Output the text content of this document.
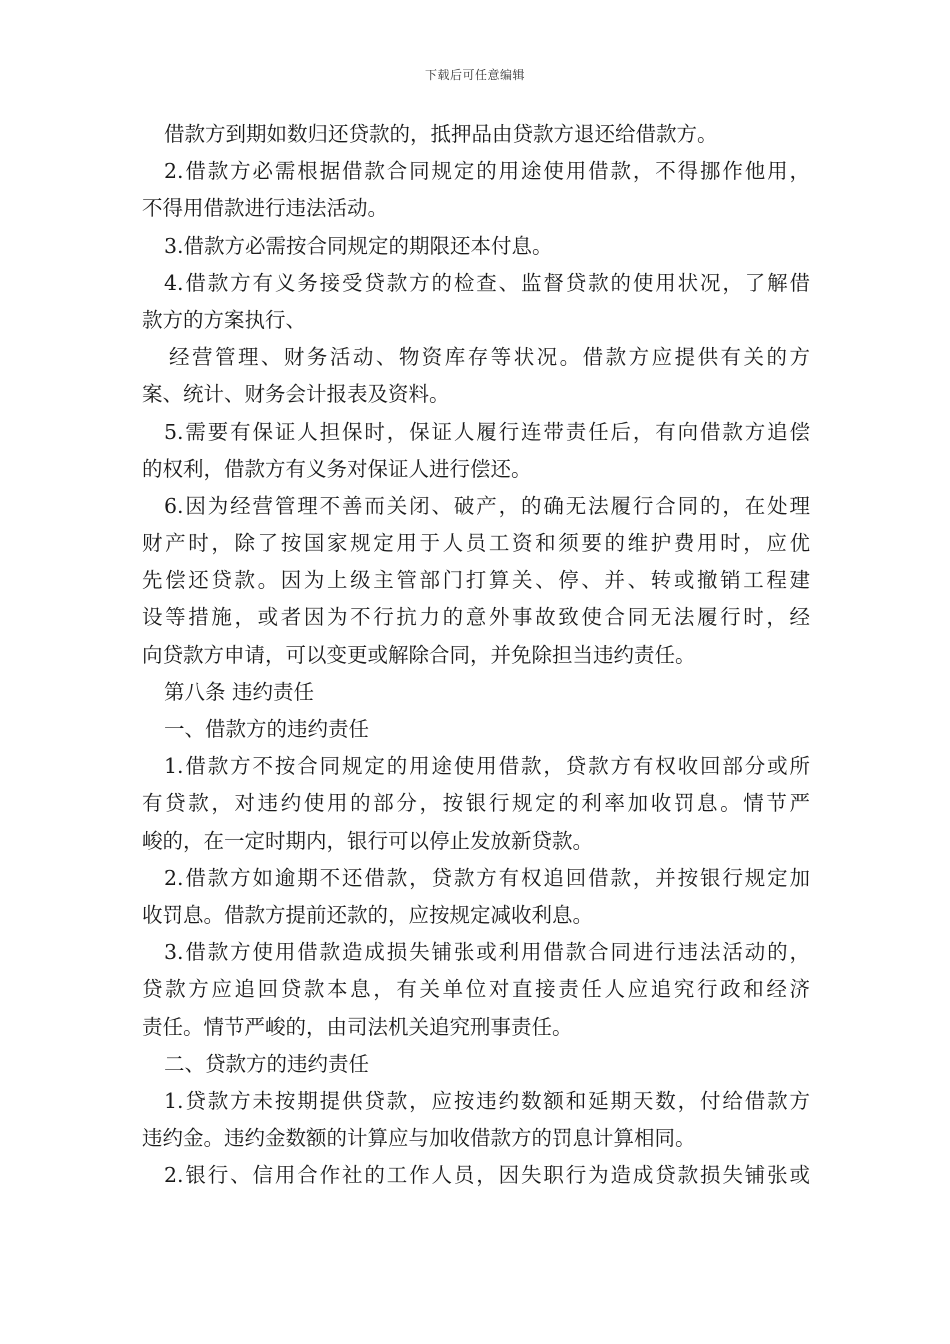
下载后可任意编辑
借款方到期如数归还贷款的，抵押品由贷款方退还给借款方。
2.借款方必需根据借款合同规定的用途使用借款，不得挪作他用，
不得用借款进行违法活动。
3.借款方必需按合同规定的期限还本付息。
4.借款方有义务接受贷款方的检查、监督贷款的使用状况，了解借
款方的方案执行、
经营管理、财务活动、物资库存等状况。借款方应提供有关的方
案、统计、财务会计报表及资料。
5.需要有保证人担保时，保证人履行连带责任后，有向借款方追偿
的权利，借款方有义务对保证人进行偿还。
6.因为经营管理不善而关闭、破产，的确无法履行合同的，在处理
财产时，除了按国家规定用于人员工资和须要的维护费用时，应优
先偿还贷款。因为上级主管部门打算关、停、并、转或撤销工程建
设等措施，或者因为不行抗力的意外事故致使合同无法履行时，经
向贷款方申请，可以变更或解除合同，并免除担当违约责任。
第八条 违约责任
一、借款方的违约责任
1.借款方不按合同规定的用途使用借款，贷款方有权收回部分或所
有贷款，对违约使用的部分，按银行规定的利率加收罚息。情节严
峻的，在一定时期内，银行可以停止发放新贷款。
2.借款方如逾期不还借款，贷款方有权追回借款，并按银行规定加
收罚息。借款方提前还款的，应按规定减收利息。
3.借款方使用借款造成损失铺张或利用借款合同进行违法活动的，
贷款方应追回贷款本息，有关单位对直接责任人应追究行政和经济
责任。情节严峻的，由司法机关追究刑事责任。
二、贷款方的违约责任
1.贷款方未按期提供贷款，应按违约数额和延期天数，付给借款方
违约金。违约金数额的计算应与加收借款方的罚息计算相同。
2.银行、信用合作社的工作人员，因失职行为造成贷款损失铺张或
